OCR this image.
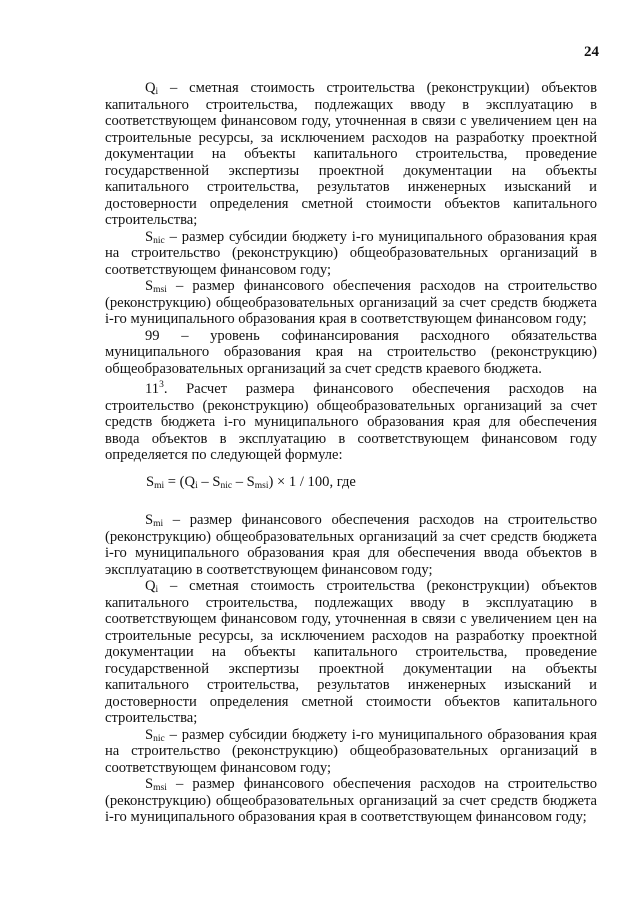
24

$Q_i$ – сметная стоимость строительства (реконструкции) объектов капитального строительства, подлежащих вводу в эксплуатацию в соответствующем финансовом году, уточненная в связи с увеличением цен на строительные ресурсы, за исключением расходов на разработку проектной документации на объекты капитального строительства, проведение государственной экспертизы проектной документации на объекты капитального строительства, результатов инженерных изысканий и достоверности определения сметной стоимости объектов капитального строительства;

$S_{nic}$ – размер субсидии бюджету i-го муниципального образования края на строительство (реконструкцию) общеобразовательных организаций в соответствующем финансовом году;

$S_{msi}$ – размер финансового обеспечения расходов на строительство (реконструкцию) общеобразовательных организаций за счет средств бюджета i-го муниципального образования края в соответствующем финансовом году;

99 – уровень софинансирования расходного обязательства муниципального образования края на строительство (реконструкцию) общеобразовательных организаций за счет средств краевого бюджета.

$11^3$. Расчет размера финансового обеспечения расходов на строительство (реконструкцию) общеобразовательных организаций за счет средств бюджета i-го муниципального образования края для обеспечения ввода объектов в эксплуатацию в соответствующем финансовом году определяется по следующей формуле:

$S_{mi} = (Q_i - S_{nic} - S_{msi}) \times 1 / 100$, где

$S_{mi}$ – размер финансового обеспечения расходов на строительство (реконструкцию) общеобразовательных организаций за счет средств бюджета i-го муниципального образования края для обеспечения ввода объектов в эксплуатацию в соответствующем финансовом году;

$Q_i$ – сметная стоимость строительства (реконструкции) объектов капитального строительства, подлежащих вводу в эксплуатацию в соответствующем финансовом году, уточненная в связи с увеличением цен на строительные ресурсы, за исключением расходов на разработку проектной документации на объекты капитального строительства, проведение государственной экспертизы проектной документации на объекты капитального строительства, результатов инженерных изысканий и достоверности определения сметной стоимости объектов капитального строительства;

$S_{nic}$ – размер субсидии бюджету i-го муниципального образования края на строительство (реконструкцию) общеобразовательных организаций в соответствующем финансовом году;

$S_{msi}$ – размер финансового обеспечения расходов на строительство (реконструкцию) общеобразовательных организаций за счет средств бюджета i-го муниципального образования края в соответствующем финансовом году;
